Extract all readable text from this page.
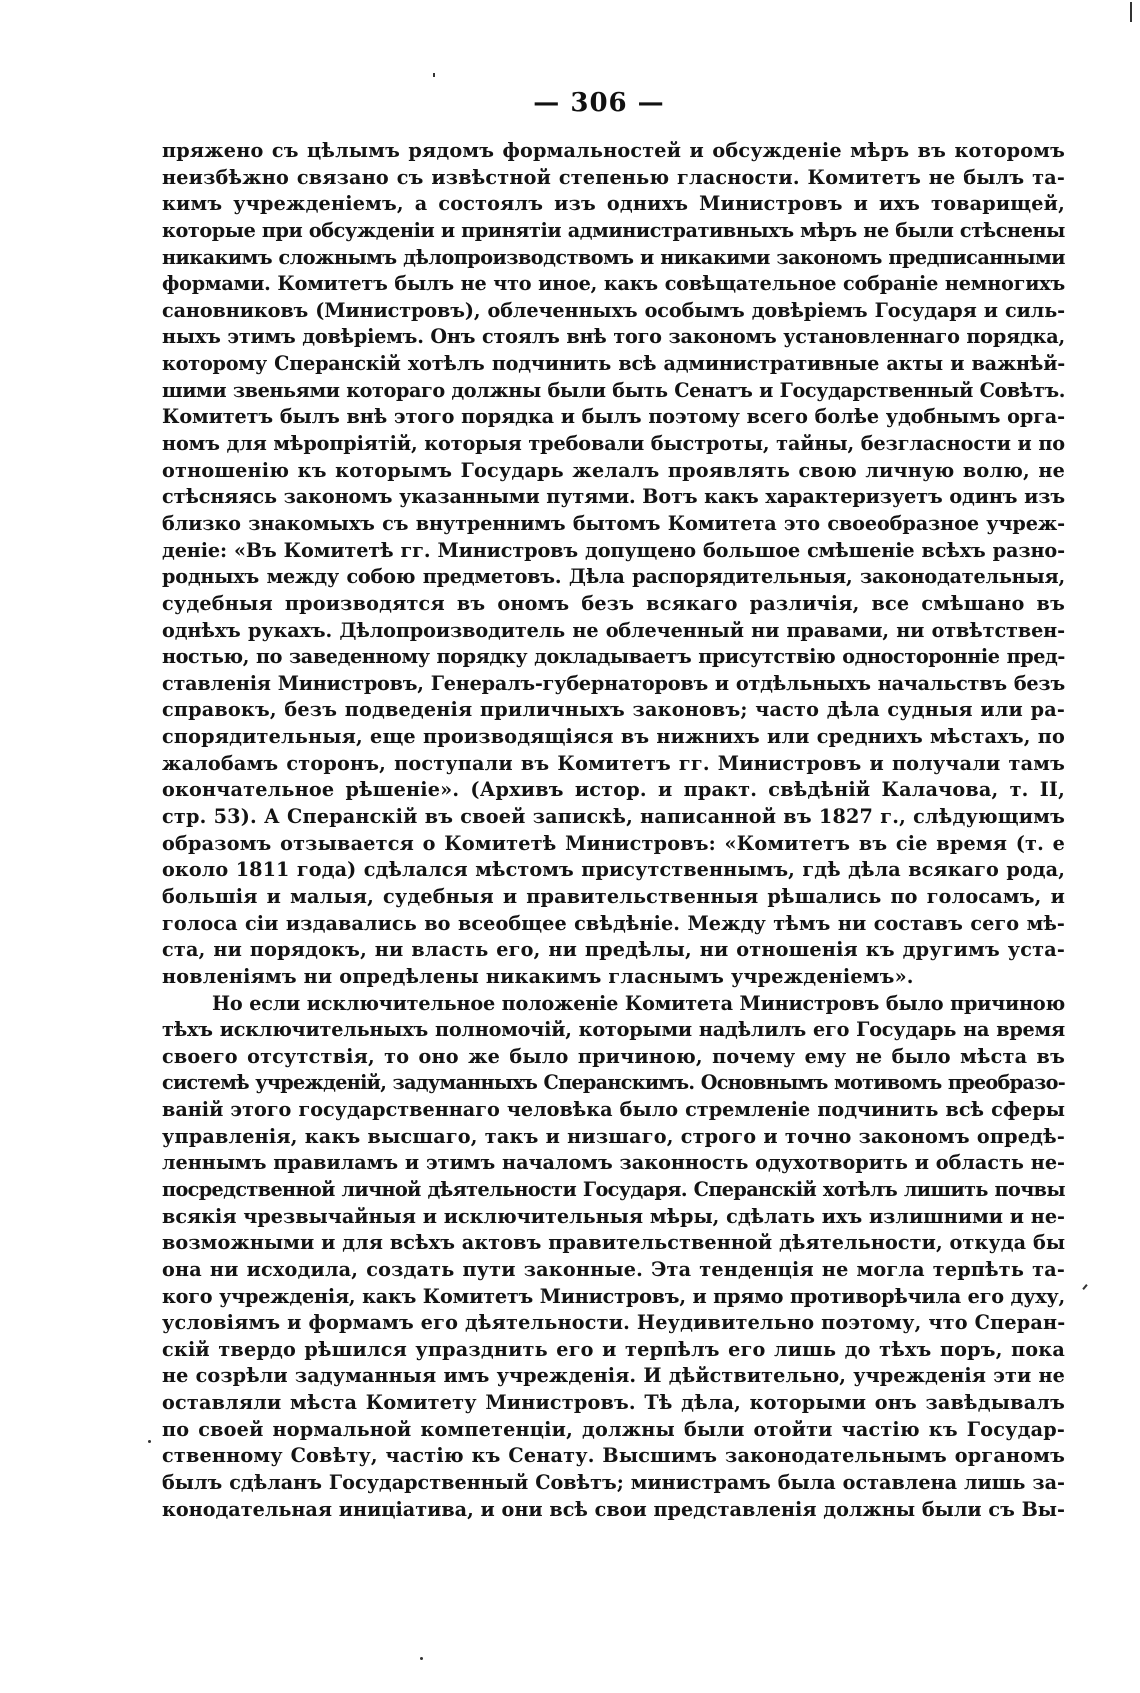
— 306 —
пряжено съ цѣлымъ рядомъ формальностей и обсужденіе мѣръ въ которомъ
неизбѣжно связано съ извѣстной степенью гласности. Комитетъ не былъ та-
кимъ учрежденіемъ, а состоялъ изъ однихъ Министровъ и ихъ товарищей,
которые при обсужденіи и принятіи административныхъ мѣръ не были стѣснены
никакимъ сложнымъ дѣлопроизводствомъ и никакими закономъ предписанными
формами. Комитетъ былъ не что иное, какъ совѣщательное собраніе немногихъ
сановниковъ (Министровъ), облеченныхъ особымъ довѣріемъ Государя и силь-
ныхъ этимъ довѣріемъ. Онъ стоялъ внѣ того закономъ установленнаго порядка,
которому Сперанскій хотѣлъ подчинить всѣ административные акты и важнѣй-
шими звеньями котораго должны были быть Сенатъ и Государственный Совѣтъ.
Комитетъ былъ внѣ этого порядка и былъ поэтому всего болѣе удобнымъ орга-
номъ для мѣропріятій, которыя требовали быстроты, тайны, безгласности и по
отношенію къ которымъ Государь желалъ проявлять свою личную волю, не
стѣсняясь закономъ указанными путями. Вотъ какъ характеризуетъ одинъ изъ
близко знакомыхъ съ внутреннимъ бытомъ Комитета это своеобразное учреж-
деніе: «Въ Комитетѣ гг. Министровъ допущено большое смѣшеніе всѣхъ разно-
родныхъ между собою предметовъ. Дѣла распорядительныя, законодательныя,
судебныя производятся въ ономъ безъ всякаго различія, все смѣшано въ
однѣхъ рукахъ. Дѣлопроизводитель не облеченный ни правами, ни отвѣтствен-
ностью, по заведенному порядку докладываетъ присутствію односторонніе пред-
ставленія Министровъ, Генералъ-губернаторовъ и отдѣльныхъ начальствъ безъ
справокъ, безъ подведенія приличныхъ законовъ; часто дѣла судныя или ра-
спорядительныя, еще производящіяся въ нижнихъ или среднихъ мѣстахъ, по
жалобамъ сторонъ, поступали въ Комитетъ гг. Министровъ и получали тамъ
окончательное рѣшеніе». (Архивъ истор. и практ. свѣдѣній Калачова, т. II,
стр. 53). А Сперанскій въ своей запискѣ, написанной въ 1827 г., слѣдующимъ
образомъ отзывается о Комитетѣ Министровъ: «Комитетъ въ сіе время (т. е
около 1811 года) сдѣлался мѣстомъ присутственнымъ, гдѣ дѣла всякаго рода,
большія и малыя, судебныя и правительственныя рѣшались по голосамъ, и
голоса сіи издавались во всеобщее свѣдѣніе. Между тѣмъ ни составъ сего мѣ-
ста, ни порядокъ, ни власть его, ни предѣлы, ни отношенія къ другимъ уста-
новленіямъ ни опредѣлены никакимъ гласнымъ учрежденіемъ».
Но если исключительное положеніе Комитета Министровъ было причиною
тѣхъ исключительныхъ полномочій, которыми надѣлилъ его Государь на время
своего отсутствія, то оно же было причиною, почему ему не было мѣста въ
системѣ учрежденій, задуманныхъ Сперанскимъ. Основнымъ мотивомъ преобразо-
ваній этого государственнаго человѣка было стремленіе подчинить всѣ сферы
управленія, какъ высшаго, такъ и низшаго, строго и точно закономъ опредѣ-
леннымъ правиламъ и этимъ началомъ законность одухотворить и область не-
посредственной личной дѣятельности Государя. Сперанскій хотѣлъ лишить почвы
всякія чрезвычайныя и исключительныя мѣры, сдѣлать ихъ излишними и не-
возможными и для всѣхъ актовъ правительственной дѣятельности, откуда бы
она ни исходила, создать пути законные. Эта тенденція не могла терпѣть та-
кого учрежденія, какъ Комитетъ Министровъ, и прямо противорѣчила его духу,
условіямъ и формамъ его дѣятельности. Неудивительно поэтому, что Сперан-
скій твердо рѣшился упразднить его и терпѣлъ его лишь до тѣхъ поръ, пока
не созрѣли задуманныя имъ учрежденія. И дѣйствительно, учрежденія эти не
оставляли мѣста Комитету Министровъ. Тѣ дѣла, которыми онъ завѣдывалъ
по своей нормальной компетенціи, должны были отойти частію къ Государ-
ственному Совѣту, частію къ Сенату. Высшимъ законодательнымъ органомъ
былъ сдѣланъ Государственный Совѣтъ; министрамъ была оставлена лишь за-
конодательная иниціатива, и они всѣ свои представленія должны были съ Вы-
